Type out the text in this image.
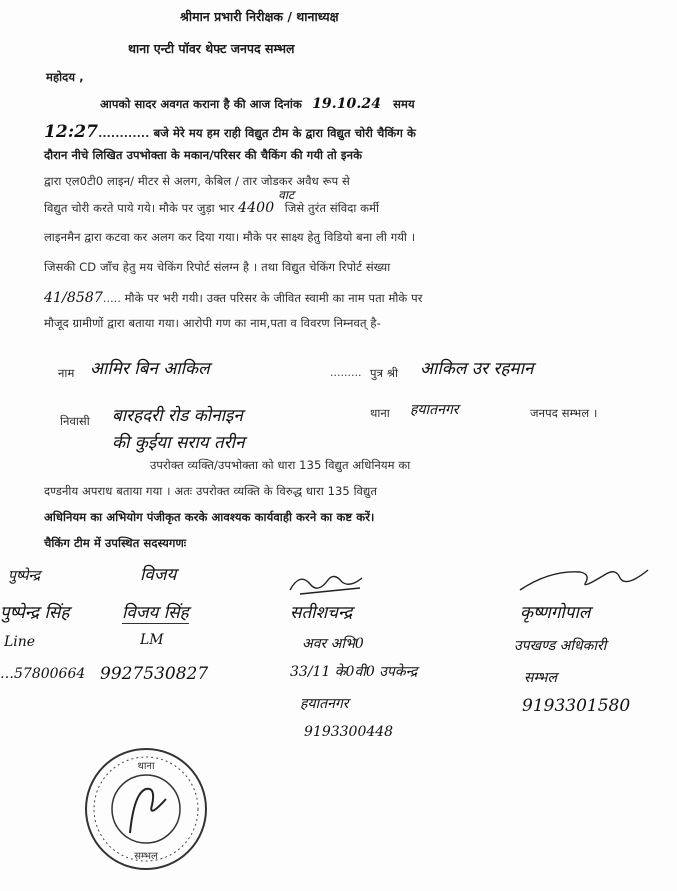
श्रीमान प्रभारी निरीक्षक / थानाध्यक्ष
थाना एन्टी पॉवर थेफ्ट जनपद सम्भल
महोदय ,
आपको सादर अवगत कराना है की आज दिनांक 19.10.24 समय
12:27............ बजे मेरे मय हम राही विद्युत टीम के द्वारा विद्युत चोरी चैकिंग के
दौरान नीचे लिखित उपभोक्ता के मकान/परिसर की चैकिंग की गयी तो इनके
द्वारा एल0टी0 लाइन/ मीटर से अलग, केबिल / तार जोडकर अवैध रूप से
विद्युत चोरी करते पाये गये। मौके पर जुड़ा भार 4400
वाट
जिसे तुरंत संविदा कर्मी
लाइनमैन द्वारा कटवा कर अलग कर दिया गया। मौके पर साक्ष्य हेतु विडियो बना ली गयी ।
जिसकी CD जाँच हेतु मय चेकिंग रिपोर्ट संलग्न है । तथा विद्युत चेकिंग रिपोर्ट संख्या
41/8587..... मौके पर भरी गयी। उक्त परिसर के जीवित स्वामी का नाम पता मौके पर
मौजूद ग्रामीणों द्वारा बताया गया। आरोपी गण का नाम,पता व विवरण निम्नवत् है-
नाम आमिर बिन आकिल	......... पुत्र श्री आकिल उर रहमान
निवासी बारहदरी रोड कोनाइन
की कुईया सराय तरीन
थाना हयातनगर	जनपद सम्भल ।
उपरोक्त व्यक्ति/उपभोक्ता को धारा 135 विद्युत अधिनियम का
दण्डनीय अपराध बताया गया । अतः उपरोक्त व्यक्ति के विरुद्ध धारा 135 विद्युत
अधिनियम का अभियोग पंजीकृत करके आवश्यक कार्यवाही करने का कष्ट करें।
चैकिंग टीम में उपस्थित सदस्यगणः
पुष्पेन्द्र
पुष्पेन्द्र सिंह
Line
…57800664
विजय
विजय सिंह
LM
9927530827
सतीशचन्द्र
अवर अभि0
33/11 के0वी0 उपकेन्द्र
हयातनगर
9193300448
कृष्णगोपाल
उपखण्ड अधिकारी
सम्भल
9193301580
थाना
सम्भल
